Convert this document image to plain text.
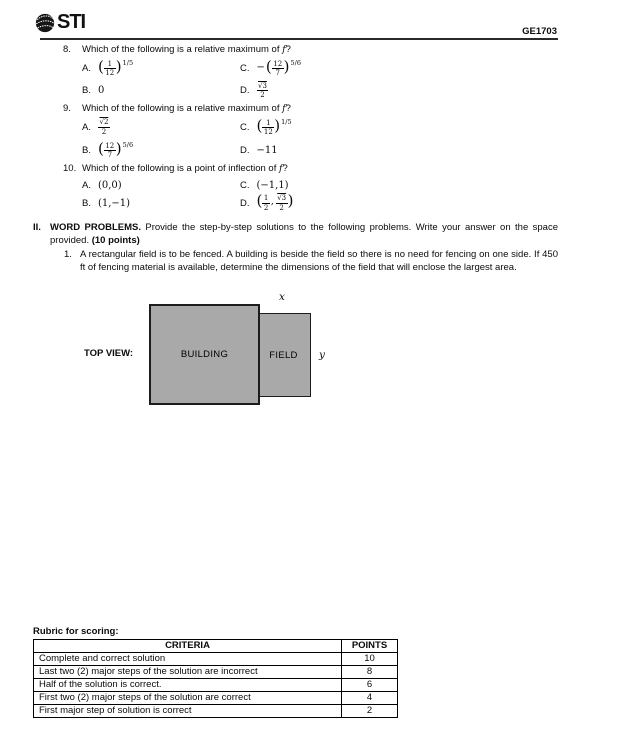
STI	GE1703
8.	Which of the following is a relative maximum of f?
A. ( $\frac{1}{12} )^{1/5}$	C. −( $\frac{12}{7} )^{5/6}$
B. 0	D. $\frac{√3}{2}$
9.	Which of the following is a relative maximum of f?
A. $\frac{√2}{2}$	C. ( $\frac{1}{12} )^{1/5}$
B. ( $\frac{12}{7} )^{5/6}$	D. −11
10. Which of the following is a point of inflection of f?
A. (0,0)	C. (−1,1)
B. (1,−1)	D. ( $\frac{1}{2}$ , $\frac{√3}{2}$ )
II. WORD PROBLEMS. Provide the step-by-step solutions to the following problems. Write your answer on the space provided. (10 points)

1. A rectangular field is to be fenced. A building is beside the field so there is no need for fencing on one side. If 450 ft of fencing material is available, determine the dimensions of the field that will enclose the largest area.

TOP VIEW:	BUILDING	FIELD
x
y
Rubric for scoring:
CRITERIA	POINTS
Complete and correct solution	10
Last two (2) major steps of the solution are incorrect	8
Half of the solution is correct.	6
First two (2) major steps of the solution are correct	4
First major step of solution is correct	2
